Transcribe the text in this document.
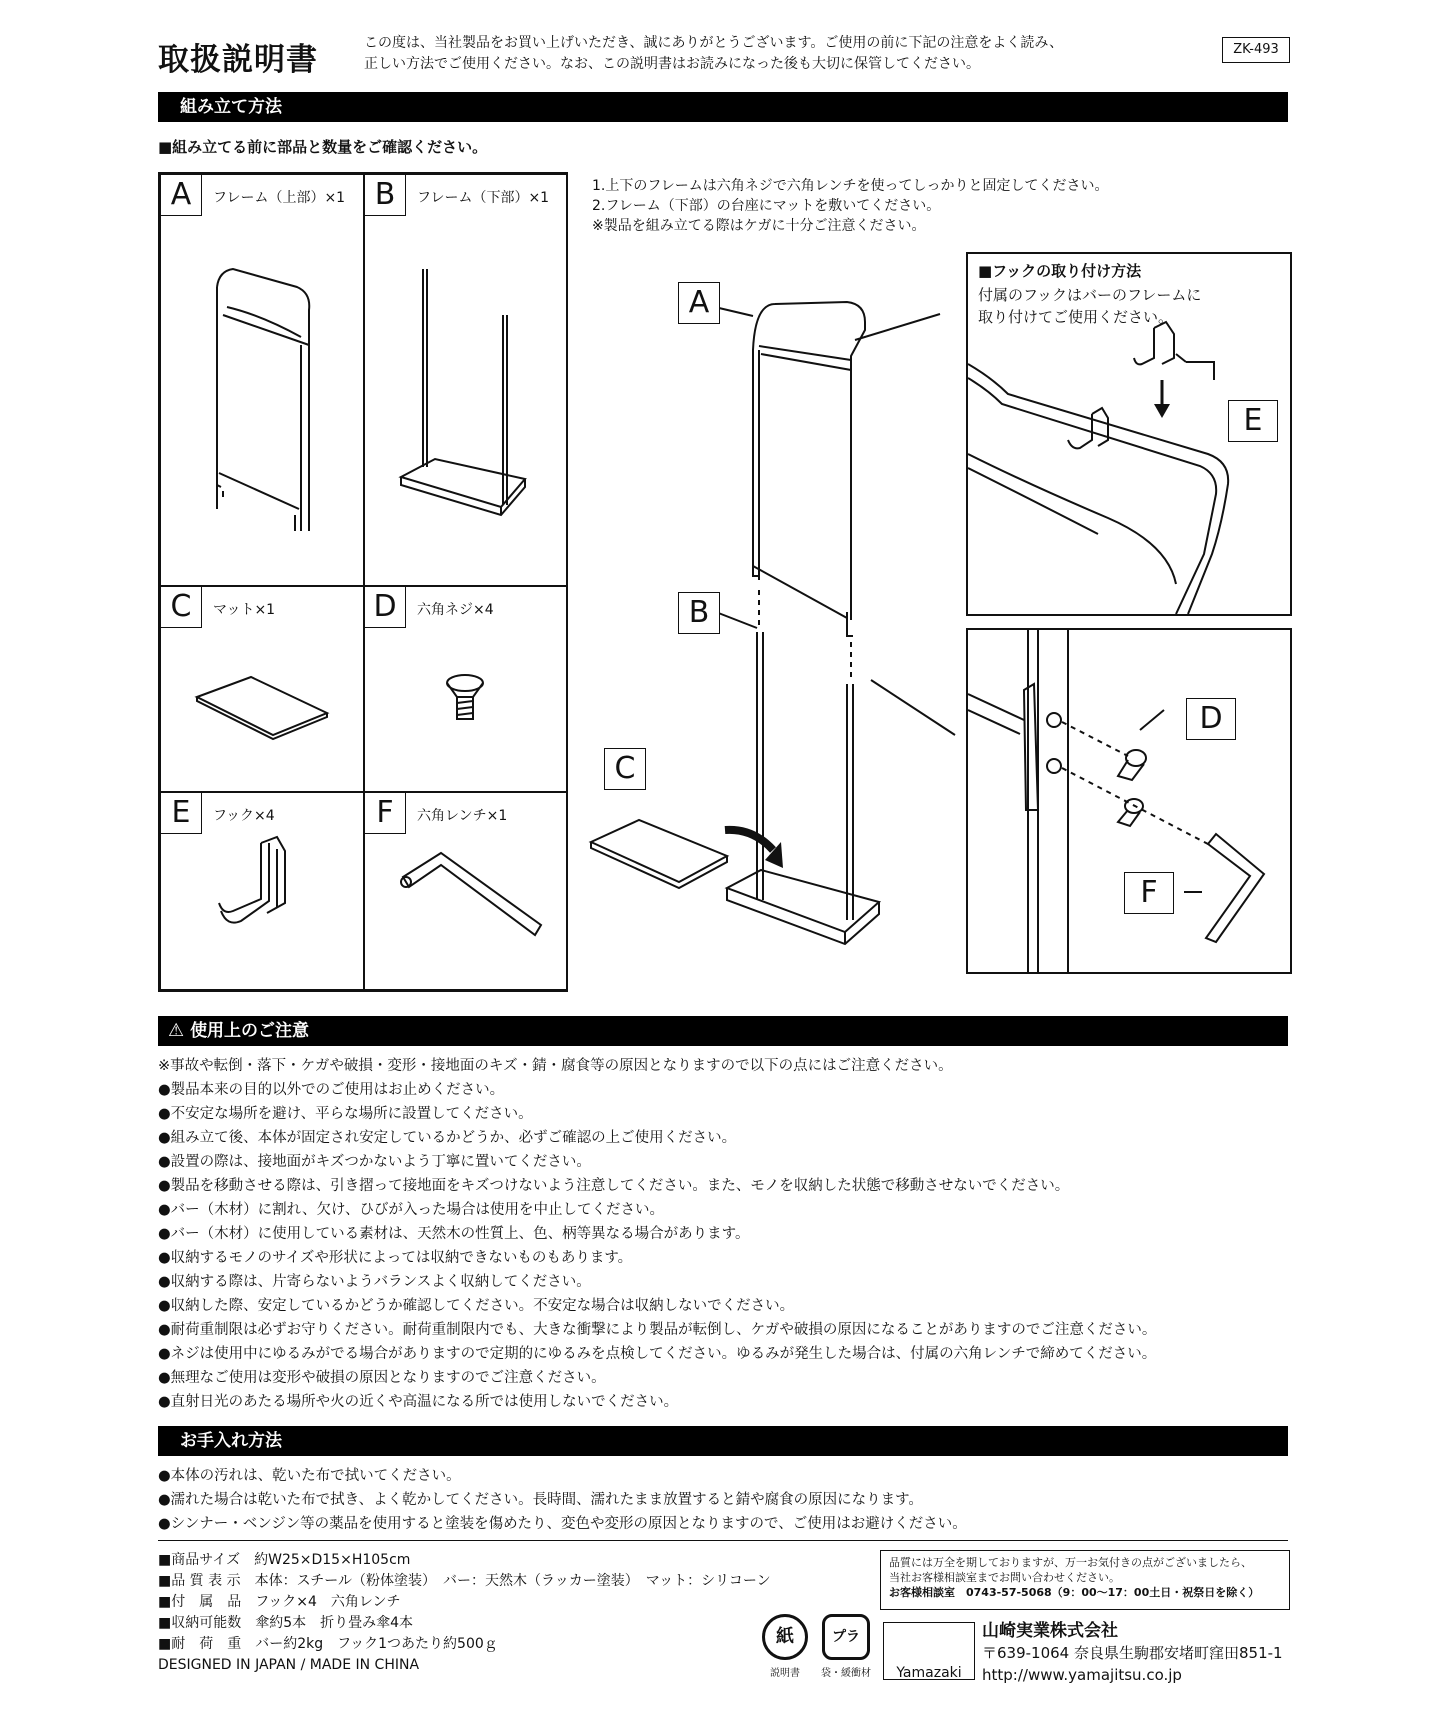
取扱説明書	この度は、当社製品をお買い上げいただき、誠にありがとうございます。ご使用の前に下記の注意をよく読み、
正しい方法でご使用ください。なお、この説明書はお読みになった後も大切に保管してください。
ZK-493
組み立て方法
■組み立てる前に部品と数量をご確認ください。
A	フレーム（上部）×1 B	フレーム（下部）×1
C	マット×1	D	六角ネジ×4
E	フック×4	F	六角レンチ×1
1.上下のフレームは六角ネジで六角レンチを使ってしっかりと固定してください。
2.フレーム（下部）の台座にマットを敷いてください。
※製品を組み立てる際はケガに十分ご注意ください。
A
B
C
■フックの取り付け方法
付属のフックはバーのフレームに
取り付けてご使用ください。
E
D
F
⚠ 使用上のご注意
※事故や転倒・落下・ケガや破損・変形・接地面のキズ・錆・腐食等の原因となりますので以下の点にはご注意ください。
●製品本来の目的以外でのご使用はお止めください。
●不安定な場所を避け、平らな場所に設置してください。
●組み立て後、本体が固定され安定しているかどうか、必ずご確認の上ご使用ください。
●設置の際は、接地面がキズつかないよう丁寧に置いてください。
●製品を移動させる際は、引き摺って接地面をキズつけないよう注意してください。また、モノを収納した状態で移動させないでください。
●バー（木材）に割れ、欠け、ひびが入った場合は使用を中止してください。
●バー（木材）に使用している素材は、天然木の性質上、色、柄等異なる場合があります。
●収納するモノのサイズや形状によっては収納できないものもあります。
●収納する際は、片寄らないようバランスよく収納してください。
●収納した際、安定しているかどうか確認してください。不安定な場合は収納しないでください。
●耐荷重制限は必ずお守りください。耐荷重制限内でも、大きな衝撃により製品が転倒し、ケガや破損の原因になることがありますのでご注意ください。
●ネジは使用中にゆるみがでる場合がありますので定期的にゆるみを点検してください。ゆるみが発生した場合は、付属の六角レンチで締めてください。
●無理なご使用は変形や破損の原因となりますのでご注意ください。
●直射日光のあたる場所や火の近くや高温になる所では使用しないでください。
お手入れ方法
●本体の汚れは、乾いた布で拭いてください。
●濡れた場合は乾いた布で拭き、よく乾かしてください。長時間、濡れたまま放置すると錆や腐食の原因になります。
●シンナー・ベンジン等の薬品を使用すると塗装を傷めたり、変色や変形の原因となりますので、ご使用はお避けください。
■商品サイズ　約W25×D15×H105cm
■品 質 表 示　本体：スチール（粉体塗装）　バー：天然木（ラッカー塗装）　マット：シリコーン
■付　属　品　フック×4　六角レンチ
■収納可能数　傘約5本　折り畳み傘4本
■耐　荷　重　バー約2kg　フック1つあたり約500ｇ
DESIGNED IN JAPAN / MADE IN CHINA
紙
説明書
プラ
袋・緩衝材
品質には万全を期しておりますが、万一お気付きの点がございましたら、
当社お客様相談室までお問い合わせください。
お客様相談室　0743-57-5068（9：00〜17：00土日・祝祭日を除く）
Yamazaki
山崎実業株式会社
〒639-1064 奈良県生駒郡安堵町窪田851-1
http://www.yamajitsu.co.jp
